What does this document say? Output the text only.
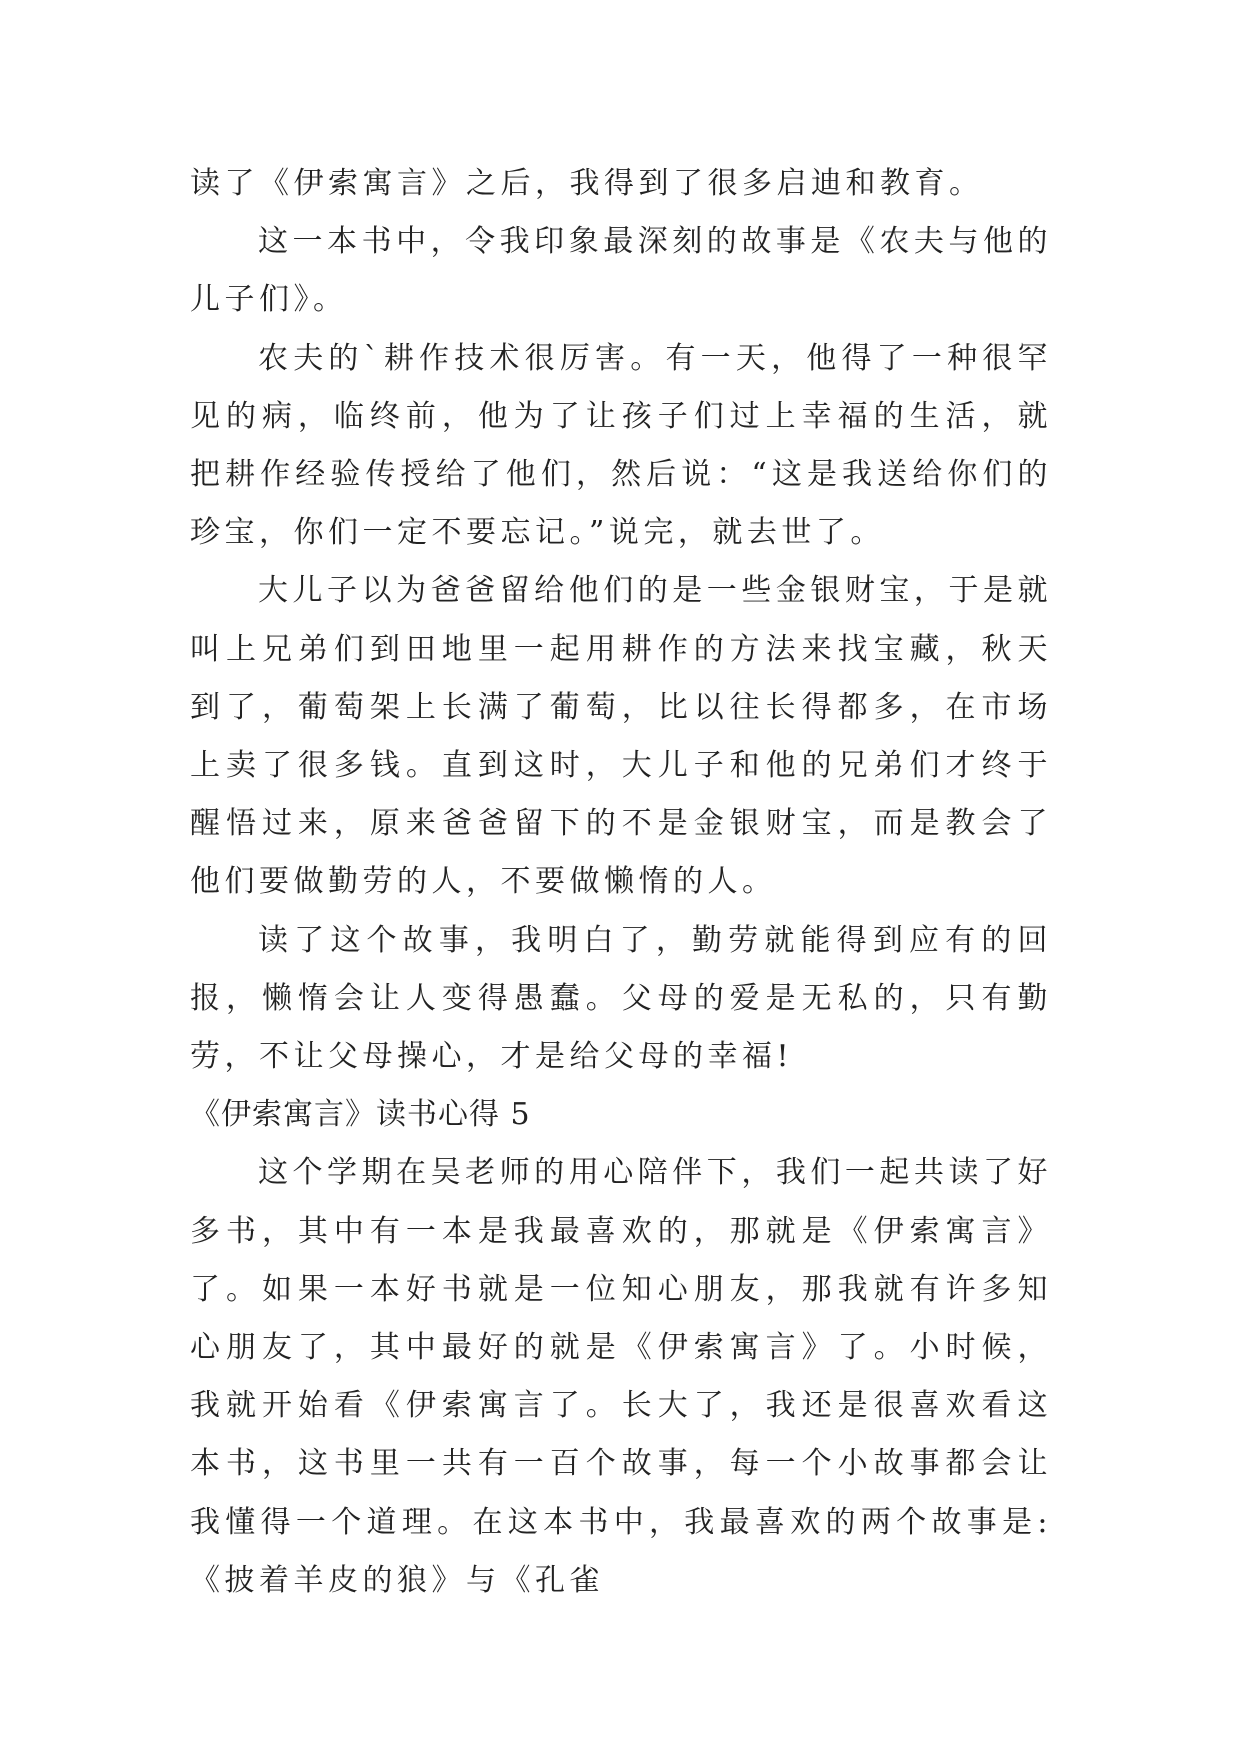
读了《伊索寓言》之后，我得到了很多启迪和教育。

这一本书中，令我印象最深刻的故事是《农夫与他的儿子们》。

农夫的`耕作技术很厉害。有一天，他得了一种很罕见的病，临终前，他为了让孩子们过上幸福的生活，就把耕作经验传授给了他们，然后说：“这是我送给你们的珍宝，你们一定不要忘记。”说完，就去世了。

大儿子以为爸爸留给他们的是一些金银财宝，于是就叫上兄弟们到田地里一起用耕作的方法来找宝藏，秋天到了，葡萄架上长满了葡萄，比以往长得都多，在市场上卖了很多钱。直到这时，大儿子和他的兄弟们才终于醒悟过来，原来爸爸留下的不是金银财宝，而是教会了他们要做勤劳的人，不要做懒惰的人。

读了这个故事，我明白了，勤劳就能得到应有的回报，懒惰会让人变得愚蠢。父母的爱是无私的，只有勤劳，不让父母操心，才是给父母的幸福!

《伊索寓言》读书心得 5

这个学期在吴老师的用心陪伴下，我们一起共读了好多书，其中有一本是我最喜欢的，那就是《伊索寓言》了。如果一本好书就是一位知心朋友，那我就有许多知心朋友了，其中最好的就是《伊索寓言》了。小时候，我就开始看《伊索寓言了。长大了，我还是很喜欢看这本书，这书里一共有一百个故事，每一个小故事都会让我懂得一个道理。在这本书中，我最喜欢的两个故事是:《披着羊皮的狼》与《孔雀
